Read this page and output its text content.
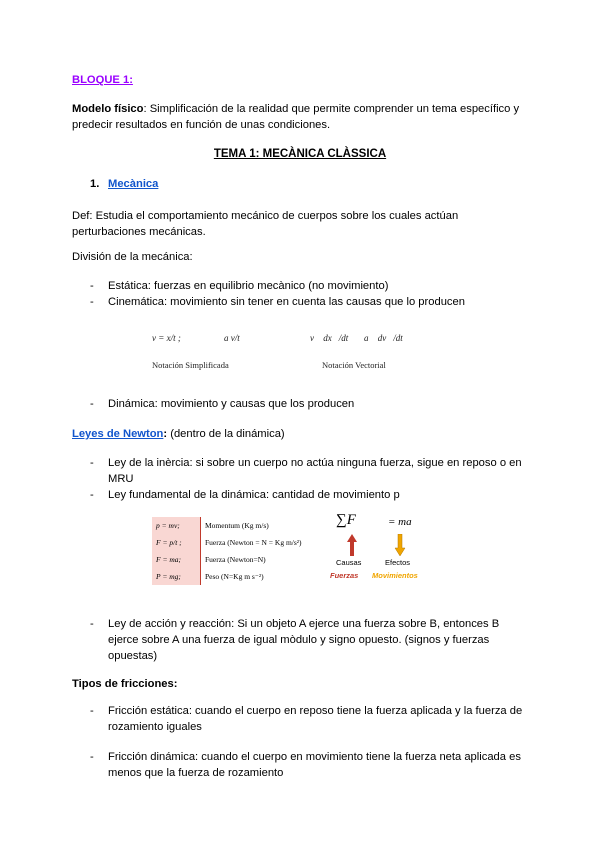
BLOQUE 1:
Modelo físico: Simplificación de la realidad que permite comprender un tema específico y predecir resultados en función de unas condiciones.
TEMA 1: MECÀNICA CLÀSSICA
1. Mecànica
Def: Estudia el comportamiento mecánico de cuerpos sobre los cuales actúan perturbaciones mecánicas.
División de la mecánica:
- Estática: fuerzas en equilibrio mecànico (no movimiento)
- Cinemática: movimiento sin tener en cuenta las causas que lo producen
v = x/t ;	a v/t
Notación Simplificada
v⃗ dx⃗/dt a⃗ dv⃗/dt
Notación Vectorial
- Dinámica: movimiento y causas que los producen
Leyes de Newton: (dentro de la dinámica)
- Ley de la inèrcia: si sobre un cuerpo no actúa ninguna fuerza, sigue en reposo o en MRU
- Ley fundamental de la dinámica: cantidad de movimiento p
p = mv;	Momentum (Kg m/s)
F = p/t ;	Fuerza (Newton = N = Kg m/s²)
F = ma;	Fuerza (Newton=N)
P = mg;	Peso (N=Kg m s⁻²)
∑F	= ma
Causas
Fuerzas
Efectos
Movimientos
- Ley de acción y reacción: Si un objeto A ejerce una fuerza sobre B, entonces B ejerce sobre A una fuerza de igual mòdulo y signo opuesto. (signos y fuerzas opuestas)
Tipos de fricciones:
- Fricción estática: cuando el cuerpo en reposo tiene la fuerza aplicada y la fuerza de rozamiento iguales
- Fricción dinámica: cuando el cuerpo en movimiento tiene la fuerza neta aplicada es menos que la fuerza de rozamiento
